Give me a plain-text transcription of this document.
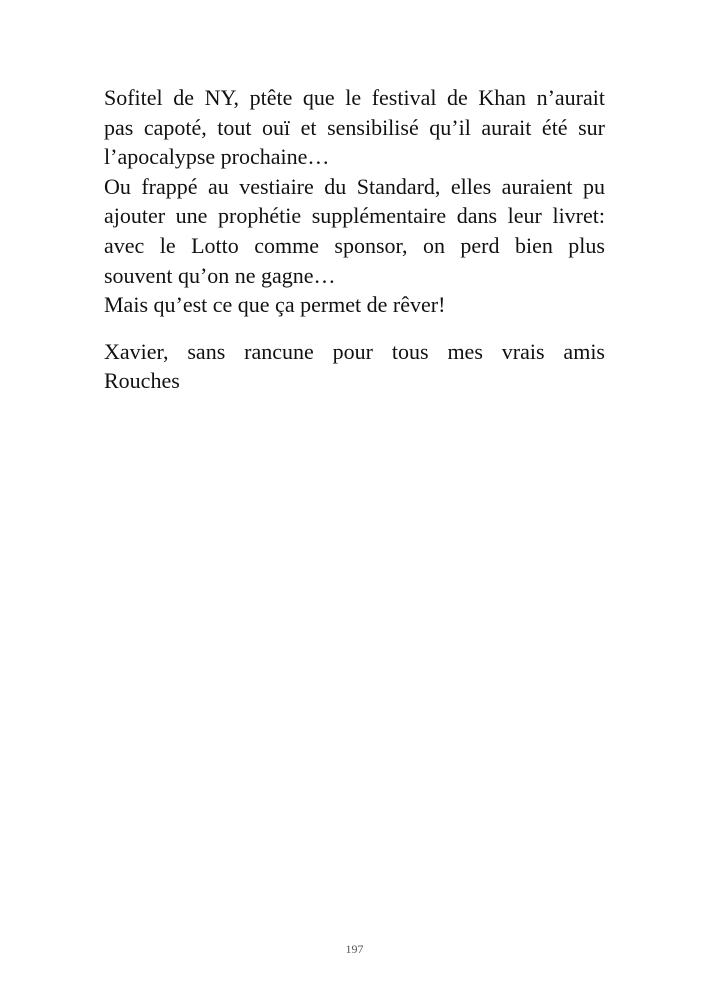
Sofitel de NY, ptête que le festival de Khan n’aurait
pas capoté, tout ouï et sensibilisé qu’il aurait été sur
l’apocalypse prochaine…
Ou frappé au vestiaire du Standard, elles auraient pu
ajouter une prophétie supplémentaire dans leur livret:
avec le Lotto comme sponsor, on perd bien plus
souvent qu’on ne gagne…
Mais qu’est ce que ça permet de rêver!
Xavier, sans rancune pour tous mes vrais amis
Rouches
197
